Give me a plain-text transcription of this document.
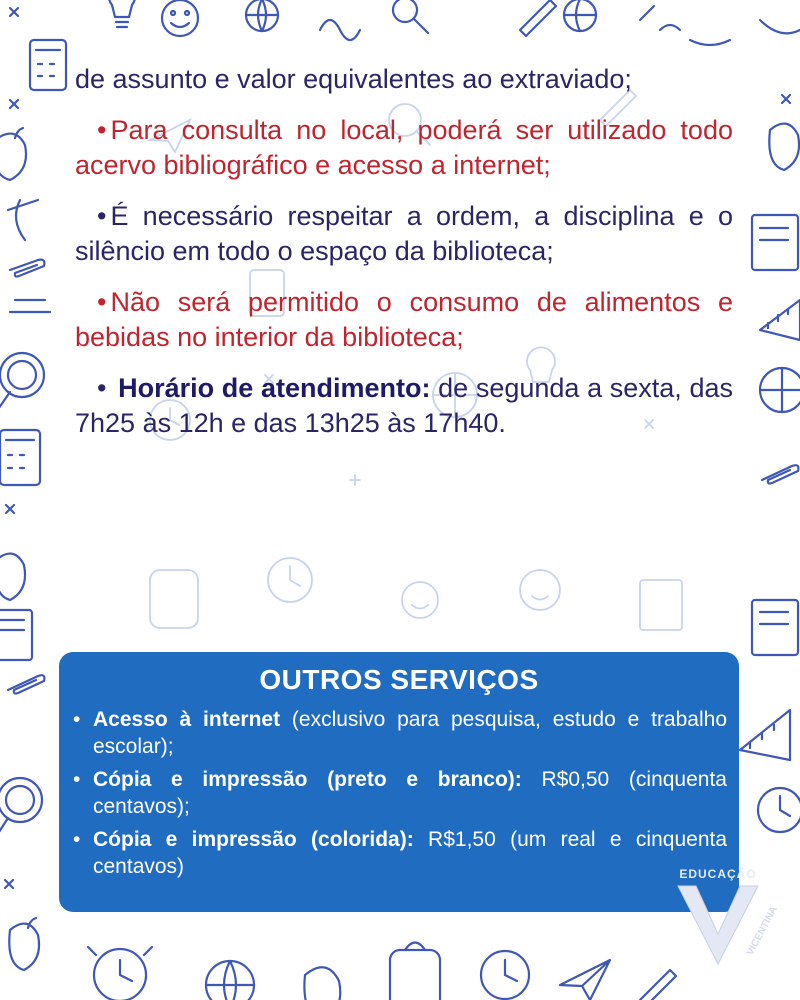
de assunto e valor equivalentes ao extraviado;

• Para consulta no local, poderá ser utilizado todo acervo bibliográfico e acesso a internet;

• É necessário respeitar a ordem, a disciplina e o silêncio em todo o espaço da biblioteca;

• Não será permitido o consumo de alimentos e bebidas no interior da biblioteca;

• Horário de atendimento: de segunda a sexta, das 7h25 às 12h e das 13h25 às 17h40.

OUTROS SERVIÇOS

• Acesso à internet (exclusivo para pesquisa, estudo e trabalho escolar);

• Cópia e impressão (preto e branco): R$0,50 (cinquenta centavos);

• Cópia e impressão (colorida): R$1,50 (um real e cinquenta centavos)	EDUCAÇÃO
V	VICENTINA
